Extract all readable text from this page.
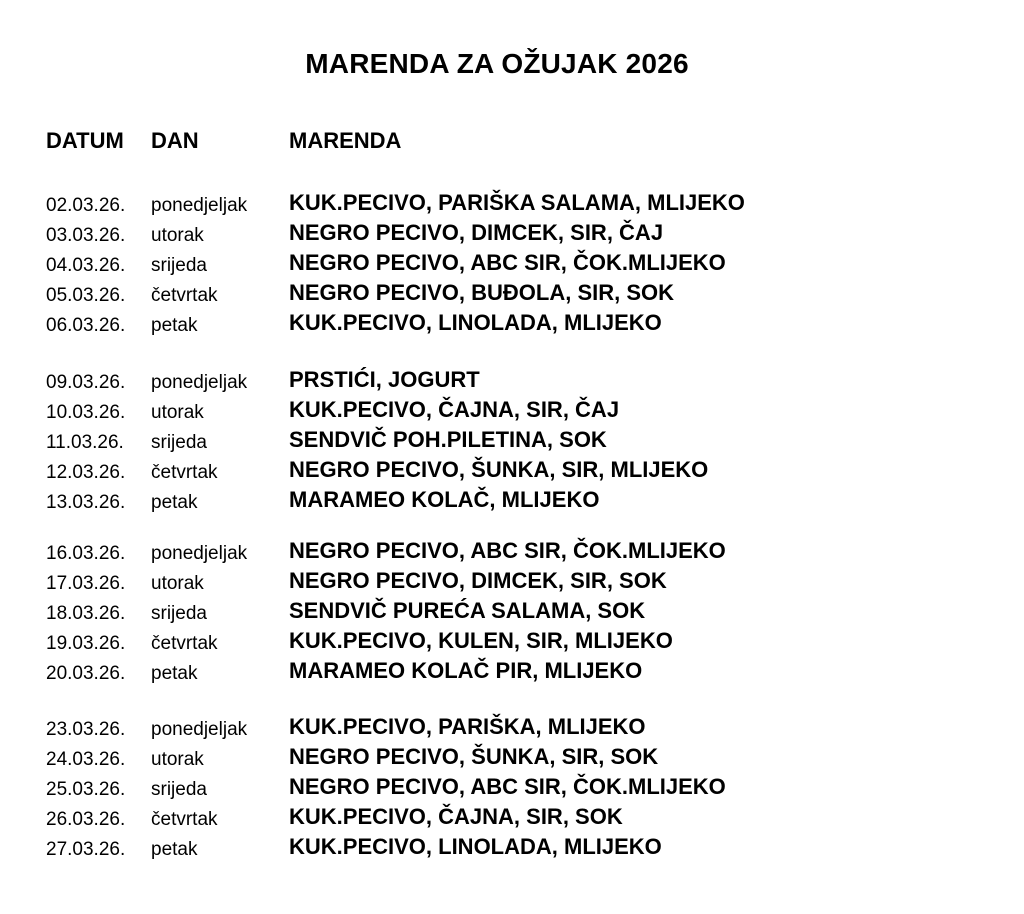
MARENDA ZA OŽUJAK 2026
DATUM DAN	MARENDA
02.03.26. ponedjeljak KUK.PECIVO, PARIŠKA SALAMA, MLIJEKO
03.03.26. utorak	NEGRO PECIVO, DIMCEK, SIR, ČAJ
04.03.26. srijeda	NEGRO PECIVO, ABC SIR, ČOK.MLIJEKO
05.03.26. četvrtak	NEGRO PECIVO, BUĐOLA, SIR, SOK
06.03.26. petak	KUK.PECIVO, LINOLADA, MLIJEKO
09.03.26. ponedjeljak PRSTIĆI, JOGURT
10.03.26. utorak	KUK.PECIVO, ČAJNA, SIR, ČAJ
11.03.26. srijeda	SENDVIČ POH.PILETINA, SOK
12.03.26. četvrtak	NEGRO PECIVO, ŠUNKA, SIR, MLIJEKO
13.03.26. petak	MARAMEO KOLAČ, MLIJEKO
16.03.26. ponedjeljak NEGRO PECIVO, ABC SIR, ČOK.MLIJEKO
17.03.26. utorak	NEGRO PECIVO, DIMCEK, SIR, SOK
18.03.26. srijeda	SENDVIČ PUREĆA SALAMA, SOK
19.03.26. četvrtak	KUK.PECIVO, KULEN, SIR, MLIJEKO
20.03.26. petak	MARAMEO KOLAČ PIR, MLIJEKO
23.03.26. ponedjeljak KUK.PECIVO, PARIŠKA, MLIJEKO
24.03.26. utorak	NEGRO PECIVO, ŠUNKA, SIR, SOK
25.03.26. srijeda	NEGRO PECIVO, ABC SIR, ČOK.MLIJEKO
26.03.26. četvrtak	KUK.PECIVO, ČAJNA, SIR, SOK
27.03.26. petak	KUK.PECIVO, LINOLADA, MLIJEKO
